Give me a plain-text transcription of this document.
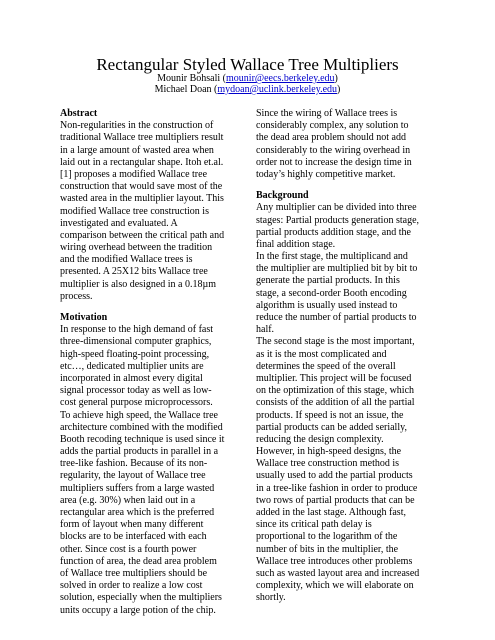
Rectangular Styled Wallace Tree Multipliers
Mounir Bohsali (mounir@eecs.berkeley.edu)
Michael Doan (mydoan@uclink.berkeley.edu)
Abstract
Non-regularities in the construction of
traditional Wallace tree multipliers result
in a large amount of wasted area when
laid out in a rectangular shape. Itoh et.al.
[1] proposes a modified Wallace tree
construction that would save most of the
wasted area in the multiplier layout. This
modified Wallace tree construction is
investigated and evaluated. A
comparison between the critical path and
wiring overhead between the tradition
and the modified Wallace trees is
presented. A 25X12 bits Wallace tree
multiplier is also designed in a 0.18µm
process.
Motivation
In response to the high demand of fast
three-dimensional computer graphics,
high-speed floating-point processing,
etc…, dedicated multiplier units are
incorporated in almost every digital
signal processor today as well as low-
cost general purpose microprocessors.
To achieve high speed, the Wallace tree
architecture combined with the modified
Booth recoding technique is used since it
adds the partial products in parallel in a
tree-like fashion. Because of its non-
regularity, the layout of Wallace tree
multipliers suffers from a large wasted
area (e.g. 30%) when laid out in a
rectangular area which is the preferred
form of layout when many different
blocks are to be interfaced with each
other. Since cost is a fourth power
function of area, the dead area problem
of Wallace tree multipliers should be
solved in order to realize a low cost
solution, especially when the multipliers
units occupy a large potion of the chip.
Since the wiring of Wallace trees is
considerably complex, any solution to
the dead area problem should not add
considerably to the wiring overhead in
order not to increase the design time in
today’s highly competitive market.
Background
Any multiplier can be divided into three
stages: Partial products generation stage,
partial products addition stage, and the
final addition stage.
In the first stage, the multiplicand and
the multiplier are multiplied bit by bit to
generate the partial products. In this
stage, a second-order Booth encoding
algorithm is usually used instead to
reduce the number of partial products to
half.
The second stage is the most important,
as it is the most complicated and
determines the speed of the overall
multiplier. This project will be focused
on the optimization of this stage, which
consists of the addition of all the partial
products. If speed is not an issue, the
partial products can be added serially,
reducing the design complexity.
However, in high-speed designs, the
Wallace tree construction method is
usually used to add the partial products
in a tree-like fashion in order to produce
two rows of partial products that can be
added in the last stage. Although fast,
since its critical path delay is
proportional to the logarithm of the
number of bits in the multiplier, the
Wallace tree introduces other problems
such as wasted layout area and increased
complexity, which we will elaborate on
shortly.
